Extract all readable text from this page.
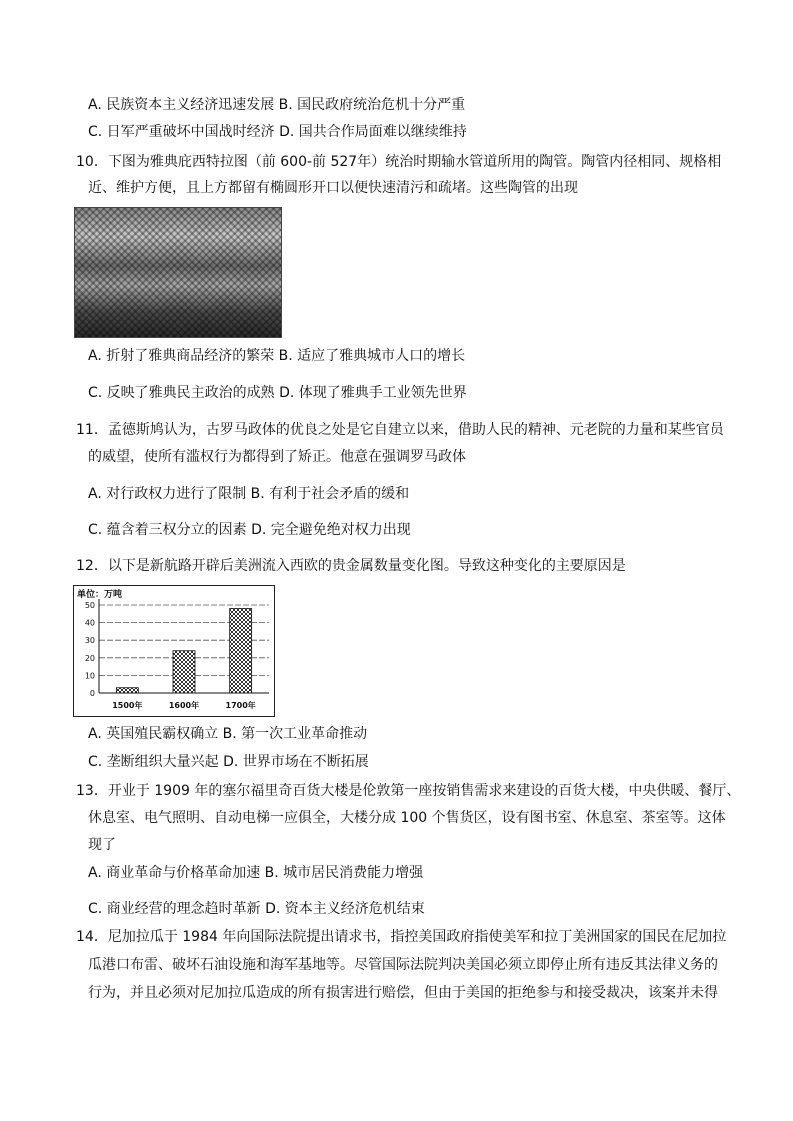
A. 民族资本主义经济迅速发展 B. 国民政府统治危机十分严重
C. 日军严重破坏中国战时经济 D. 国共合作局面难以继续维持
10．下图为雅典庇西特拉图（前 600-前 527年）统治时期输水管道所用的陶管。陶管内径相同、规格相
近、维护方便，且上方都留有椭圆形开口以便快速清污和疏堵。这些陶管的出现
A. 折射了雅典商品经济的繁荣 B. 适应了雅典城市人口的增长
C. 反映了雅典民主政治的成熟 D. 体现了雅典手工业领先世界
11．孟德斯鸠认为，古罗马政体的优良之处是它自建立以来，借助人民的精神、元老院的力量和某些官员
的威望，使所有滥权行为都得到了矫正。他意在强调罗马政体
A. 对行政权力进行了限制 B. 有利于社会矛盾的缓和
C. 蕴含着三权分立的因素 D. 完全避免绝对权力出现
12．以下是新航路开辟后美洲流入西欧的贵金属数量变化图。导致这种变化的主要原因是
单位：万吨
0
10
20
30
40
50
1500年	1600年	1700年
A. 英国殖民霸权确立 B. 第一次工业革命推动
C. 垄断组织大量兴起 D. 世界市场在不断拓展
13．开业于 1909 年的塞尔福里奇百货大楼是伦敦第一座按销售需求来建设的百货大楼，中央供暖、餐厅、
休息室、电气照明、自动电梯一应俱全，大楼分成 100 个售货区，设有图书室、休息室、茶室等。这体
现了
A. 商业革命与价格革命加速 B. 城市居民消费能力增强
C. 商业经营的理念趋时革新 D. 资本主义经济危机结束
14．尼加拉瓜于 1984 年向国际法院提出请求书，指控美国政府指使美军和拉丁美洲国家的国民在尼加拉
瓜港口布雷、破坏石油设施和海军基地等。尽管国际法院判决美国必须立即停止所有违反其法律义务的
行为，并且必须对尼加拉瓜造成的所有损害进行赔偿，但由于美国的拒绝参与和接受裁决，该案并未得
